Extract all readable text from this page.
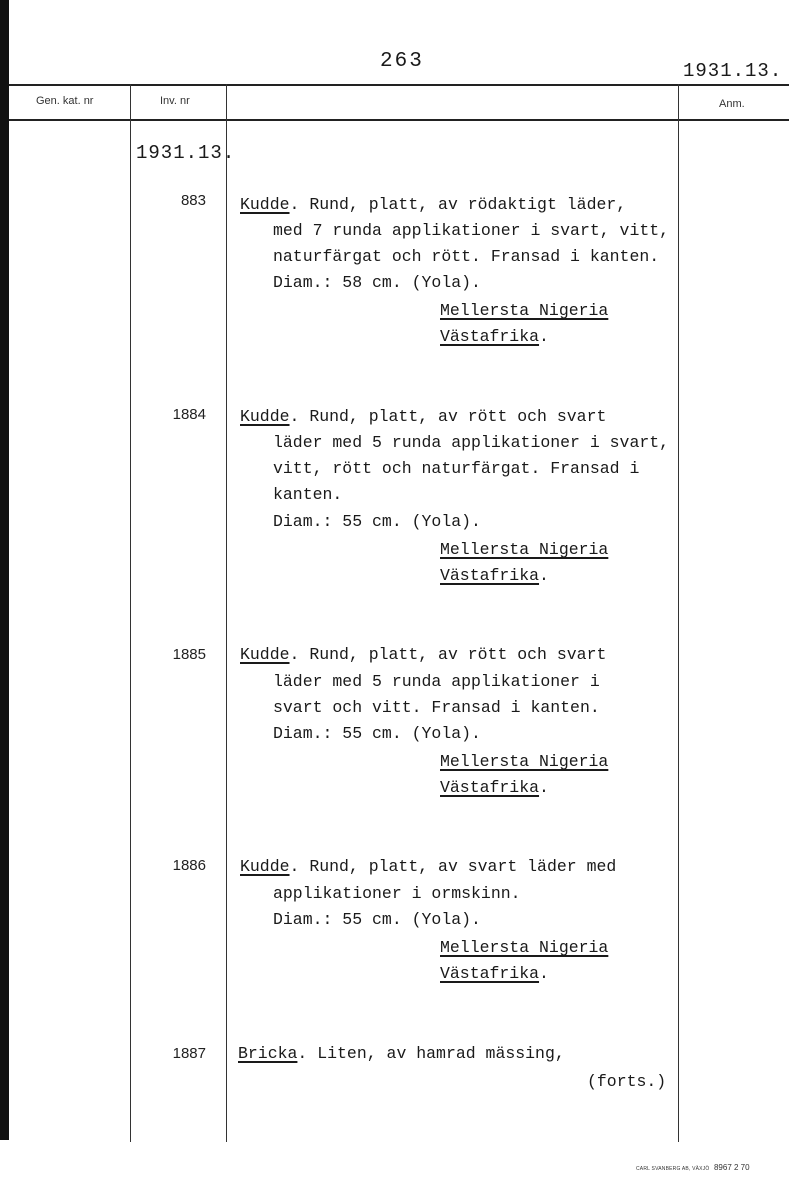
263	1931.13.
Gen. kat. nr	Inv. nr	Anm.
1931.13.
883 Kudde. Rund, platt, av rödaktigt läder,
med 7 runda applikationer i svart, vitt,
naturfärgat och rött. Fransad i kanten.
Diam.: 58 cm. (Yola).
Mellersta Nigeria
Västafrika.
1884 Kudde. Rund, platt, av rött och svart
läder med 5 runda applikationer i svart,
vitt, rött och naturfärgat. Fransad i
kanten.
Diam.: 55 cm. (Yola).
Mellersta Nigeria
Västafrika.
1885 Kudde. Rund, platt, av rött och svart
läder med 5 runda applikationer i
svart och vitt. Fransad i kanten.
Diam.: 55 cm. (Yola).
Mellersta Nigeria
Västafrika.
1886 Kudde. Rund, platt, av svart läder med
applikationer i ormskinn.
Diam.: 55 cm. (Yola).
Mellersta Nigeria
Västafrika.
1887 Bricka. Liten, av hamrad mässing,
(forts.)
CARL SVANBERG AB, VÄXJÖ 8967 2 70
